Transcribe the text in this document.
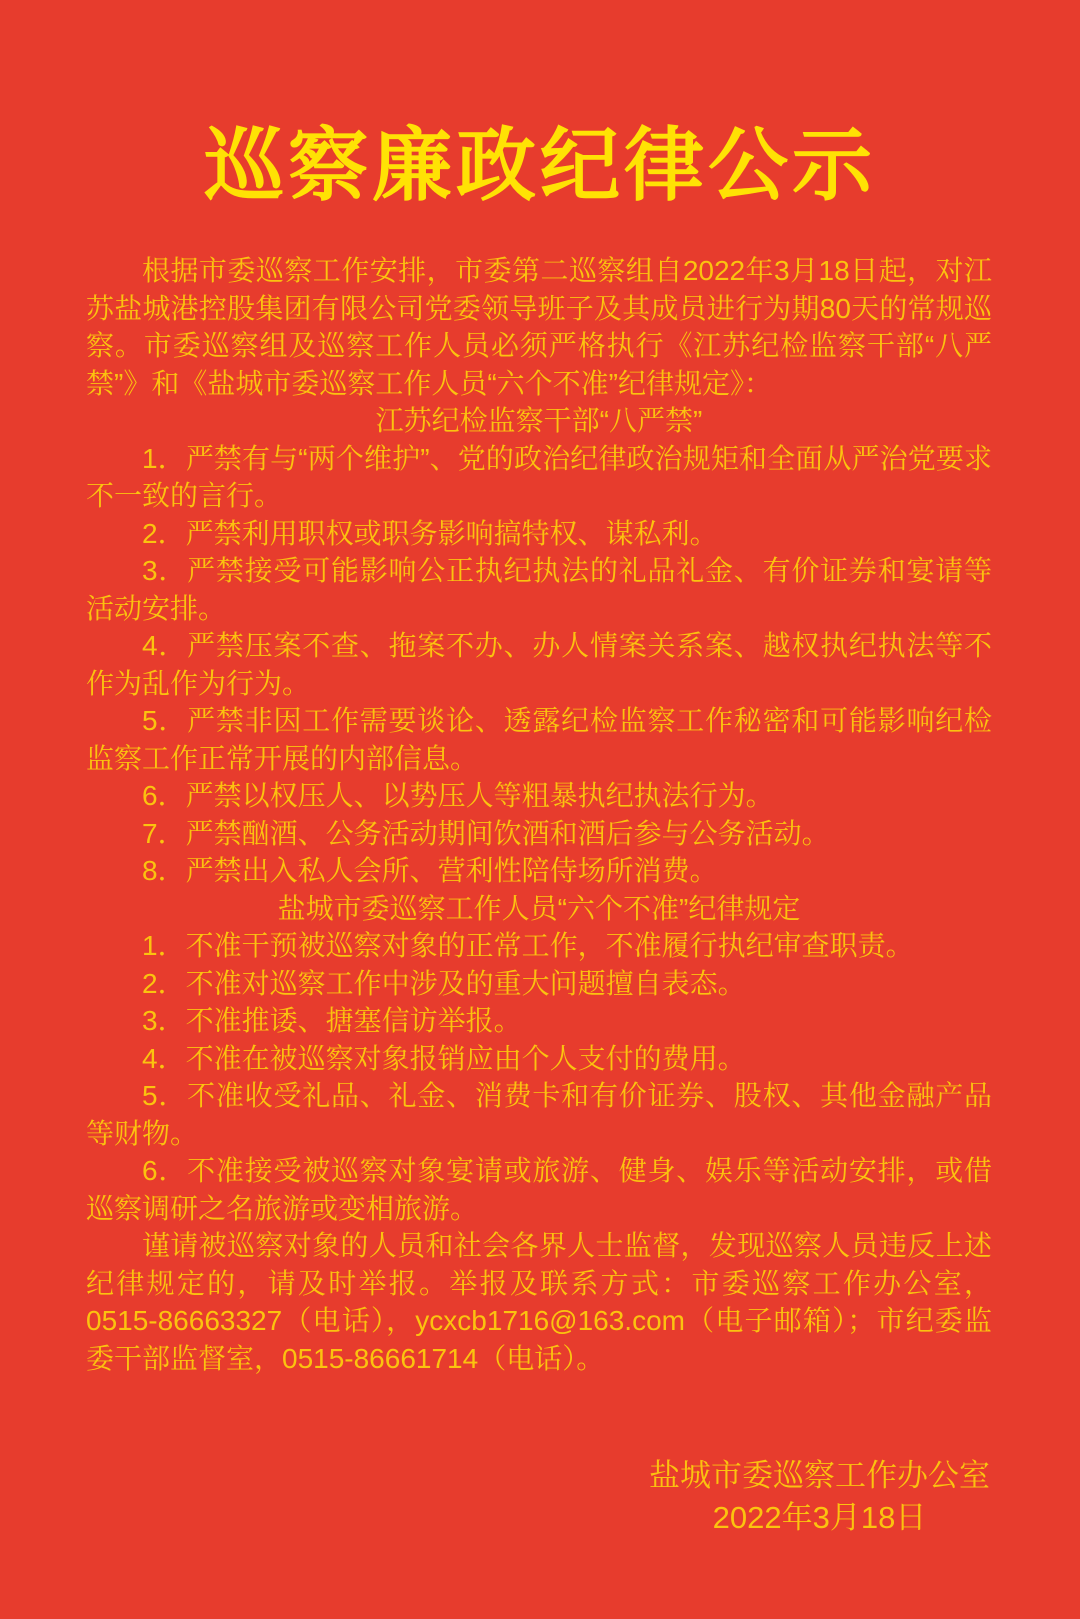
巡察廉政纪律公示

根据市委巡察工作安排，市委第二巡察组自2022年3月18日起，对江苏盐城港控股集团有限公司党委领导班子及其成员进行为期80天的常规巡察。市委巡察组及巡察工作人员必须严格执行《江苏纪检监察干部“八严禁”》和《盐城市委巡察工作人员“六个不准”纪律规定》：

江苏纪检监察干部“八严禁”

1．严禁有与“两个维护”、党的政治纪律政治规矩和全面从严治党要求不一致的言行。

2．严禁利用职权或职务影响搞特权、谋私利。

3．严禁接受可能影响公正执纪执法的礼品礼金、有价证券和宴请等活动安排。

4．严禁压案不查、拖案不办、办人情案关系案、越权执纪执法等不作为乱作为行为。

5．严禁非因工作需要谈论、透露纪检监察工作秘密和可能影响纪检监察工作正常开展的内部信息。

6．严禁以权压人、以势压人等粗暴执纪执法行为。

7．严禁酗酒、公务活动期间饮酒和酒后参与公务活动。

8．严禁出入私人会所、营利性陪侍场所消费。

盐城市委巡察工作人员“六个不准”纪律规定

1．不准干预被巡察对象的正常工作，不准履行执纪审查职责。

2．不准对巡察工作中涉及的重大问题擅自表态。

3．不准推诿、搪塞信访举报。

4．不准在被巡察对象报销应由个人支付的费用。

5．不准收受礼品、礼金、消费卡和有价证券、股权、其他金融产品等财物。

6．不准接受被巡察对象宴请或旅游、健身、娱乐等活动安排，或借巡察调研之名旅游或变相旅游。

谨请被巡察对象的人员和社会各界人士监督，发现巡察人员违反上述纪律规定的，请及时举报。举报及联系方式：市委巡察工作办公室，0515-86663327（电话），ycxcb1716@163.com（电子邮箱）；市纪委监委干部监督室，0515-86661714（电话）。

盐城市委巡察工作办公室
2022年3月18日
